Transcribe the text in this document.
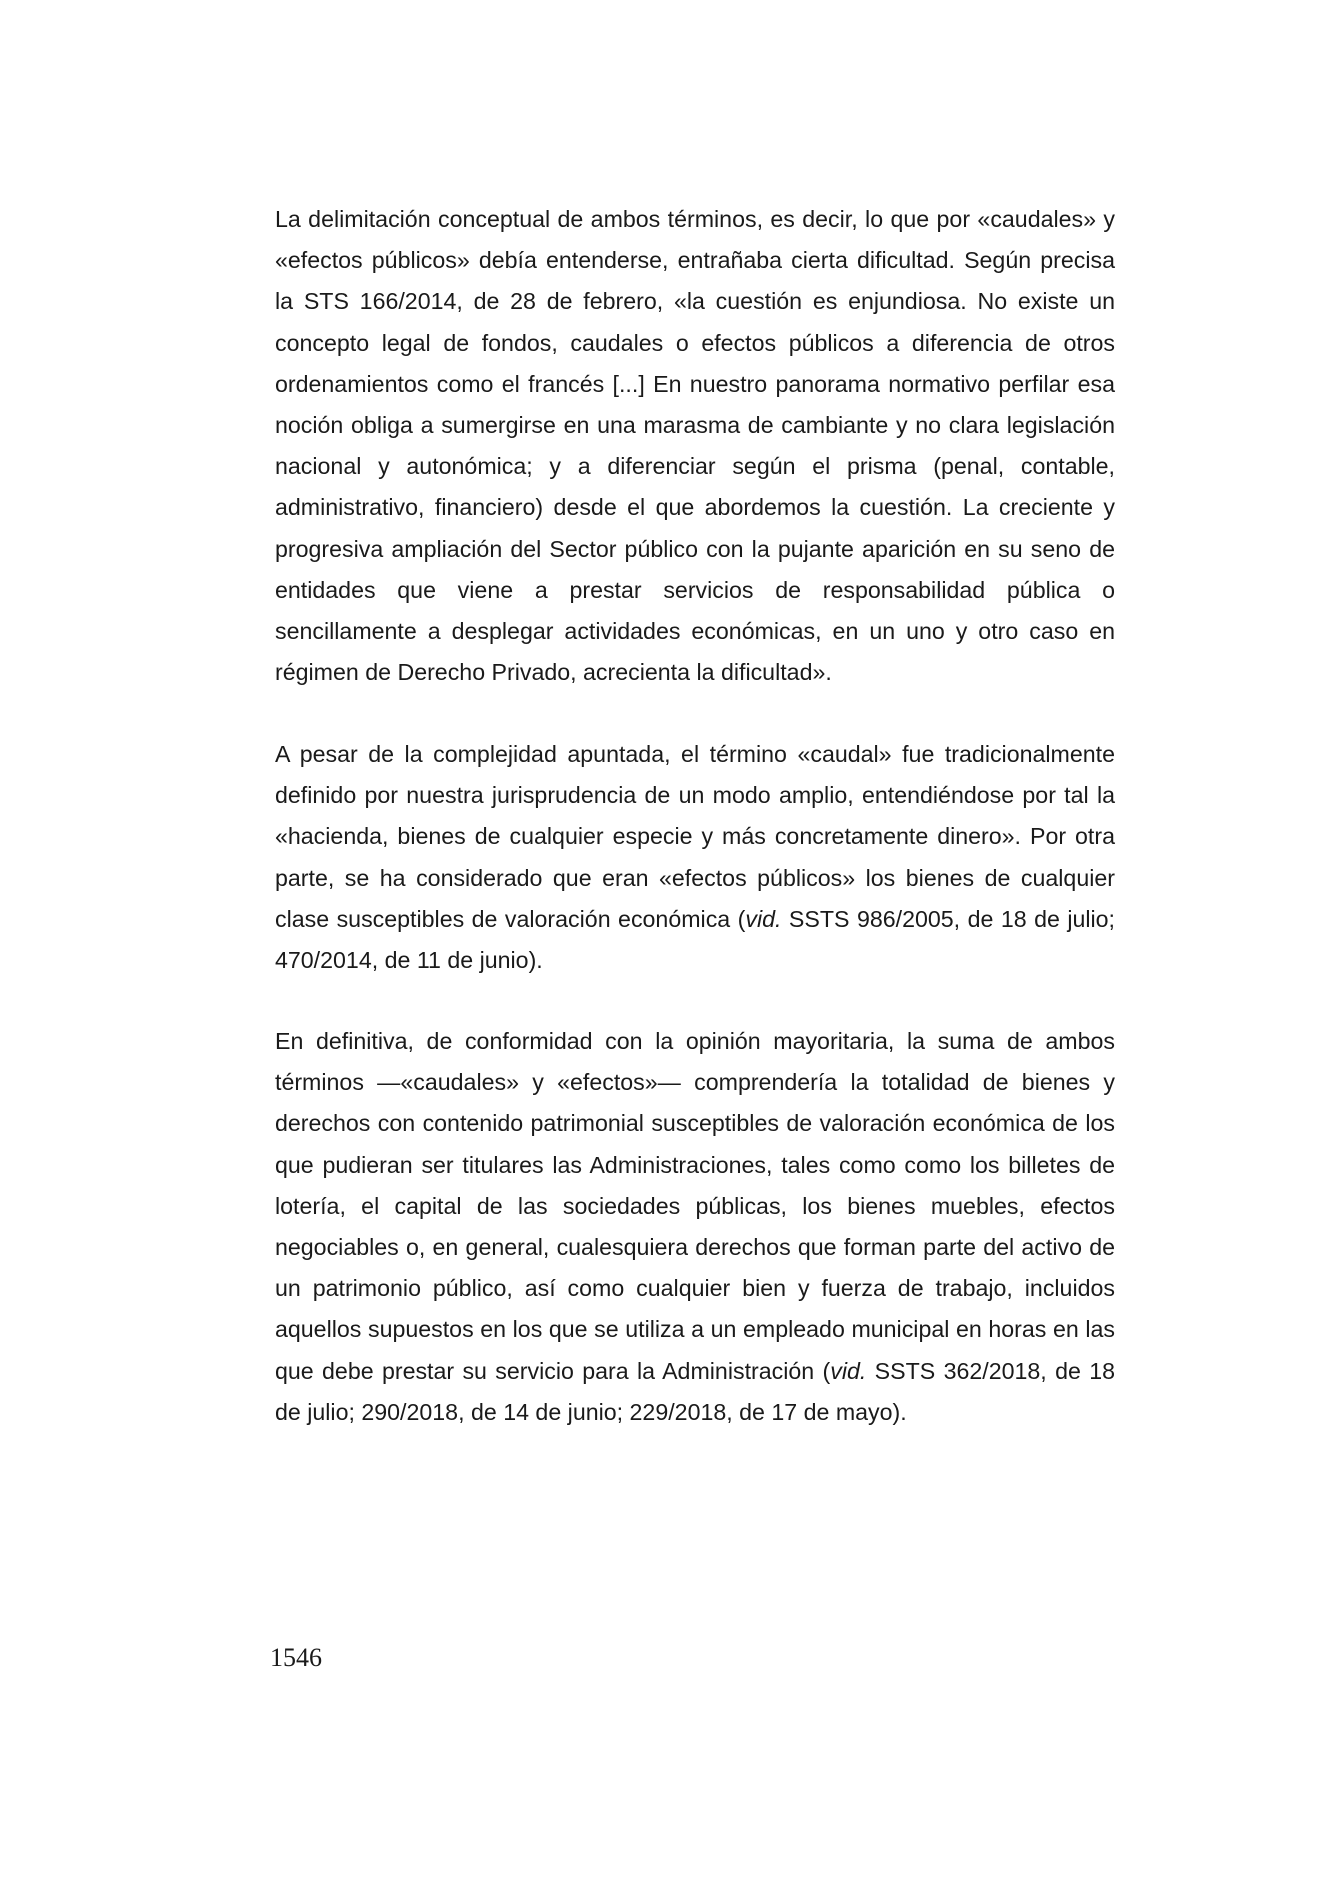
La delimitación conceptual de ambos términos, es decir, lo que por «caudales» y «efectos públicos» debía entenderse, entrañaba cierta dificultad. Según precisa la STS 166/2014, de 28 de febrero, «la cuestión es enjundiosa. No existe un concepto legal de fondos, caudales o efectos públicos a diferencia de otros ordenamientos como el francés [...] En nuestro panorama normativo perfilar esa noción obliga a sumergirse en una marasma de cambiante y no clara legislación nacional y autonómica; y a diferenciar según el prisma (penal, contable, administrativo, financiero) desde el que abordemos la cuestión. La creciente y progresiva ampliación del Sector público con la pujante aparición en su seno de entidades que viene a prestar servicios de responsabilidad pública o sencillamente a desplegar actividades económicas, en un uno y otro caso en régimen de Derecho Privado, acrecienta la dificultad».

A pesar de la complejidad apuntada, el término «caudal» fue tradicionalmente definido por nuestra jurisprudencia de un modo amplio, entendiéndose por tal la «hacienda, bienes de cualquier especie y más concretamente dinero». Por otra parte, se ha considerado que eran «efectos públicos» los bienes de cualquier clase susceptibles de valoración económica (vid. SSTS 986/2005, de 18 de julio; 470/2014, de 11 de junio).

En definitiva, de conformidad con la opinión mayoritaria, la suma de ambos términos —«caudales» y «efectos»— comprendería la totalidad de bienes y derechos con contenido patrimonial susceptibles de valoración económica de los que pudieran ser titulares las Administraciones, tales como como los billetes de lotería, el capital de las sociedades públicas, los bienes muebles, efectos negociables o, en general, cualesquiera derechos que forman parte del activo de un patrimonio público, así como cualquier bien y fuerza de trabajo, incluidos aquellos supuestos en los que se utiliza a un empleado municipal en horas en las que debe prestar su servicio para la Administración (vid. SSTS 362/2018, de 18 de julio; 290/2018, de 14 de junio; 229/2018, de 17 de mayo).

1546
